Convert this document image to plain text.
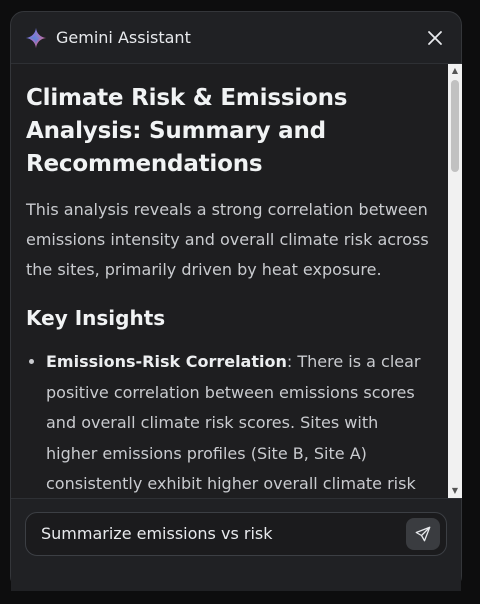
Gemini Assistant
Climate Risk & Emissions Analysis: Summary and Recommendations

This analysis reveals a strong correlation between emissions intensity and overall climate risk across the sites, primarily driven by heat exposure.

Key Insights
• Emissions-Risk Correlation: There is a clear positive correlation between emissions scores and overall climate risk scores. Sites with higher emissions profiles (Site B, Site A) consistently exhibit higher overall climate risk
▲
▼
Summarize emissions vs risk
